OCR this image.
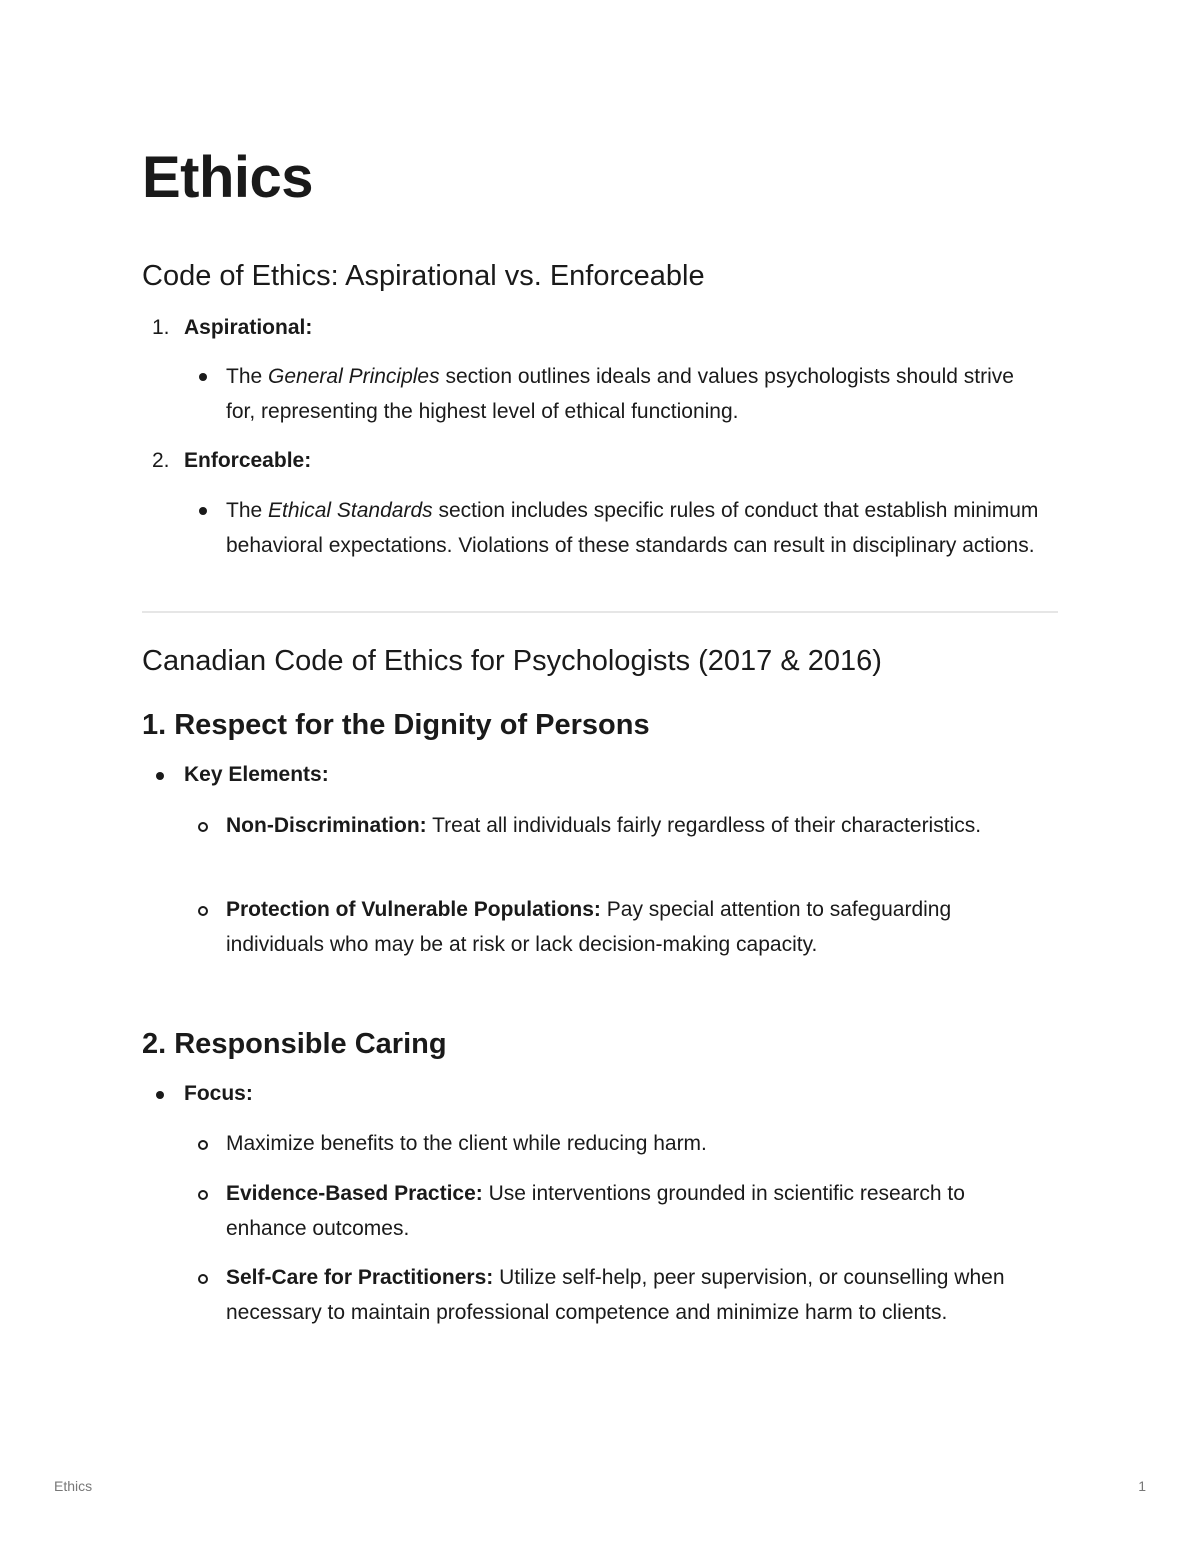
Ethics
Code of Ethics: Aspirational vs. Enforceable
1. Aspirational:
The General Principles section outlines ideals and values psychologists should strive for, representing the highest level of ethical functioning.
2. Enforceable:
The Ethical Standards section includes specific rules of conduct that establish minimum behavioral expectations. Violations of these standards can result in disciplinary actions.
Canadian Code of Ethics for Psychologists (2017 & 2016)
1. Respect for the Dignity of Persons
Key Elements:
Non-Discrimination: Treat all individuals fairly regardless of their characteristics.
Protection of Vulnerable Populations: Pay special attention to safeguarding individuals who may be at risk or lack decision-making capacity.
2. Responsible Caring
Focus:
Maximize benefits to the client while reducing harm.
Evidence-Based Practice: Use interventions grounded in scientific research to enhance outcomes.
Self-Care for Practitioners: Utilize self-help, peer supervision, or counselling when necessary to maintain professional competence and minimize harm to clients.
Ethics	1
